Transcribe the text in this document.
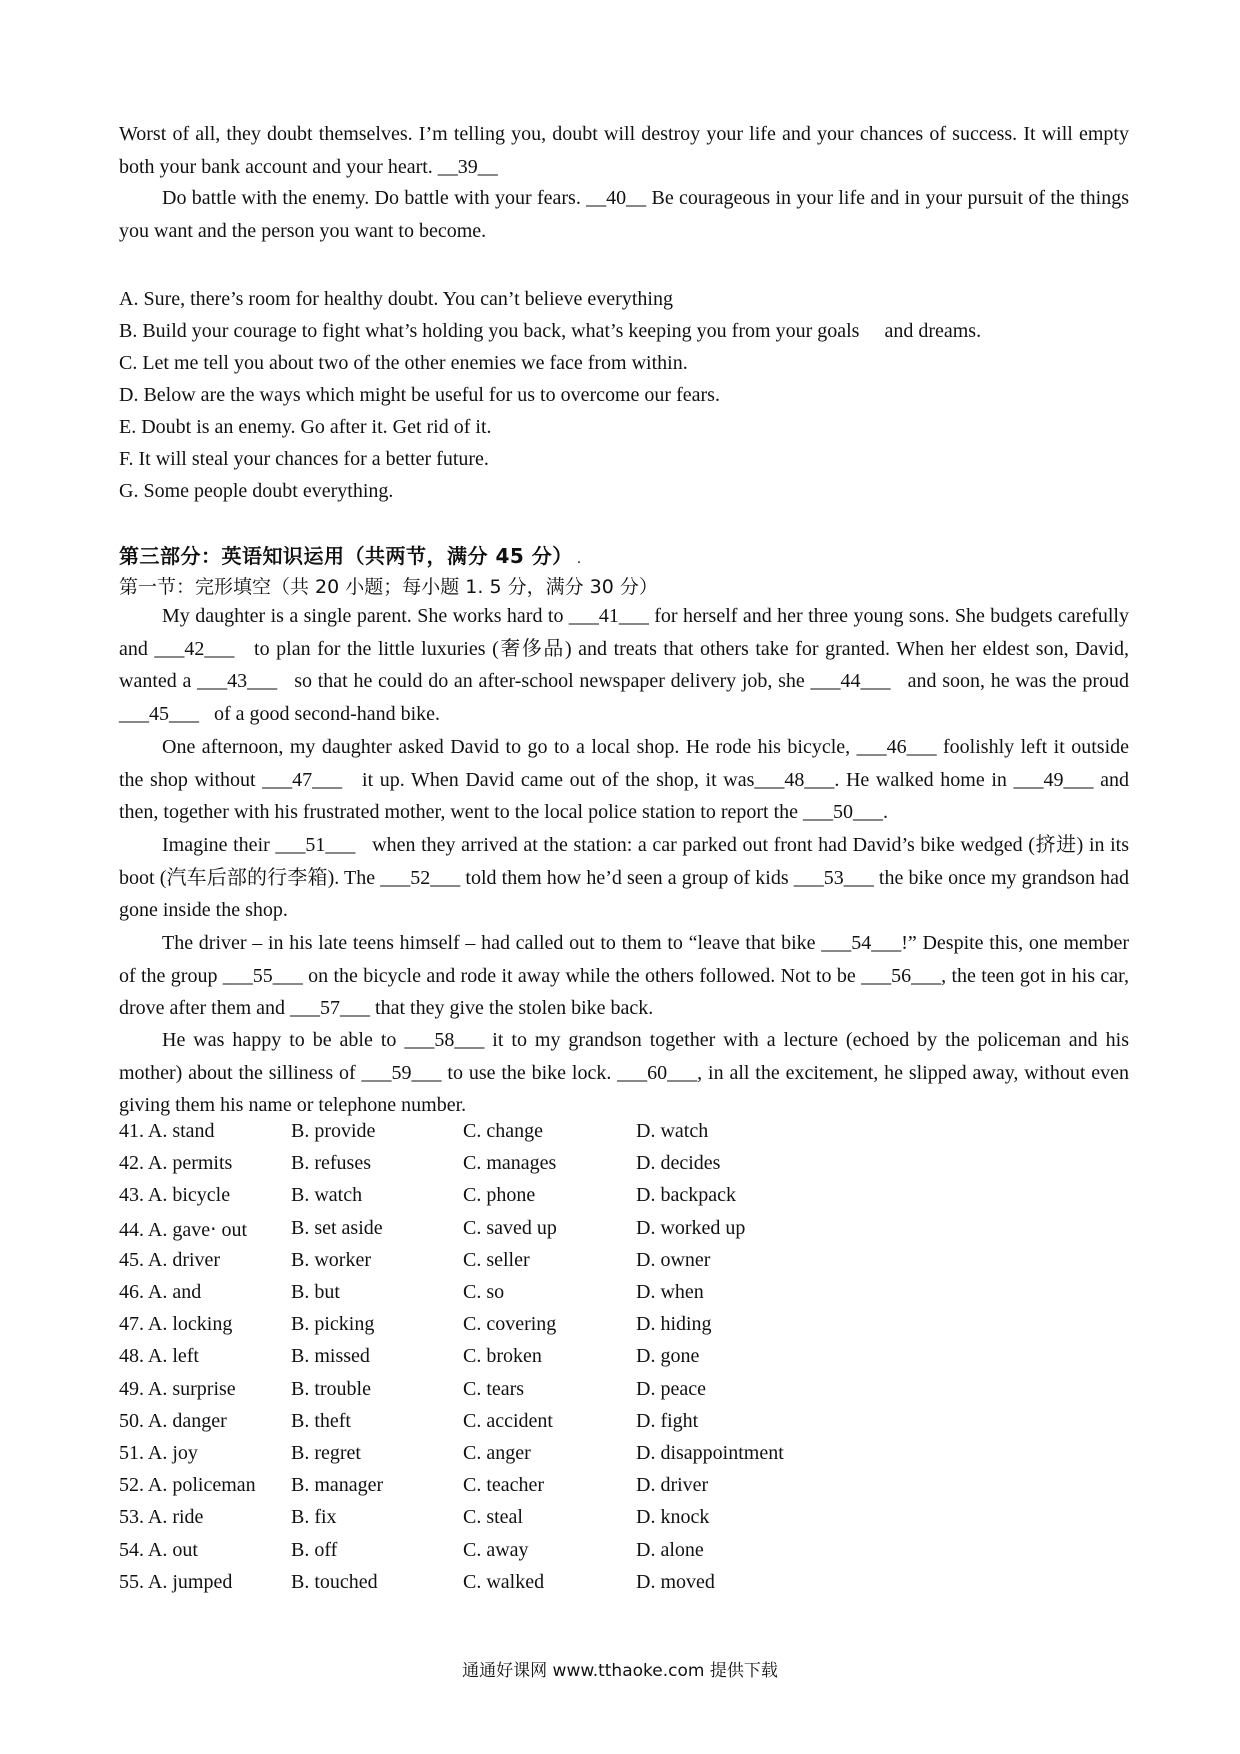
Worst of all, they doubt themselves. I’m telling you, doubt will destroy your life and your chances of success. It will empty both your bank account and your heart. __39__

Do battle with the enemy. Do battle with your fears. __40__ Be courageous in your life and in your pursuit of the things you want and the person you want to become.

A. Sure, there’s room for healthy doubt. You can’t believe everything

B. Build your courage to fight what’s holding you back, what’s keeping you from your goals     and dreams.

C. Let me tell you about two of the other enemies we face from within.

D. Below are the ways which might be useful for us to overcome our fears.

E. Doubt is an enemy. Go after it. Get rid of it.

F. It will steal your chances for a better future.

G. Some people doubt everything.

第三部分：英语知识运用（共两节，满分 45 分） .

第一节：完形填空（共 20 小题；每小题 1. 5 分，满分 30 分）

My daughter is a single parent. She works hard to ___41___ for herself and her three young sons. She budgets carefully and ___42___   to plan for the little luxuries (奢侈品) and treats that others take for granted. When her eldest son, David, wanted a ___43___   so that he could do an after-school newspaper delivery job, she ___44___   and soon, he was the proud ___45___   of a good second-hand bike.

One afternoon, my daughter asked David to go to a local shop. He rode his bicycle, ___46___ foolishly left it outside the shop without ___47___   it up. When David came out of the shop, it was___48___. He walked home in ___49___ and then, together with his frustrated mother, went to the local police station to report the ___50___.

Imagine their ___51___   when they arrived at the station: a car parked out front had David’s bike wedged (挤进) in its boot (汽车后部的行李箱). The ___52___ told them how he’d seen a group of kids ___53___ the bike once my grandson had gone inside the shop.

The driver – in his late teens himself – had called out to them to “leave that bike ___54___!” Despite this, one member of the group ___55___ on the bicycle and rode it away while the others followed. Not to be ___56___, the teen got in his car, drove after them and ___57___ that they give the stolen bike back.

He was happy to be able to ___58___ it to my grandson together with a lecture (echoed by the policeman and his mother) about the silliness of ___59___ to use the bike lock. ___60___, in all the excitement, he slipped away, without even giving them his name or telephone number.

41. A. stand	B. provide	C. change	D. watch
42. A. permits	B. refuses	C. manages	D. decides
43. A. bicycle	B. watch	C. phone	D. backpack
44. A. gave‧ out B. set aside	C. saved up	D. worked up
45. A. driver	B. worker	C. seller	D. owner
46. A. and	B. but	C. so	D. when
47. A. locking	B. picking	C. covering	D. hiding
48. A. left	B. missed	C. broken	D. gone
49. A. surprise	B. trouble	C. tears	D. peace
50. A. danger	B. theft	C. accident	D. fight
51. A. joy	B. regret	C. anger	D. disappointment
52. A. policeman B. manager	C. teacher	D. driver
53. A. ride	B. fix	C. steal	D. knock
54. A. out	B. off	C. away	D. alone
55. A. jumped	B. touched	C. walked	D. moved
通通好课网 www.tthaoke.com 提供下载
